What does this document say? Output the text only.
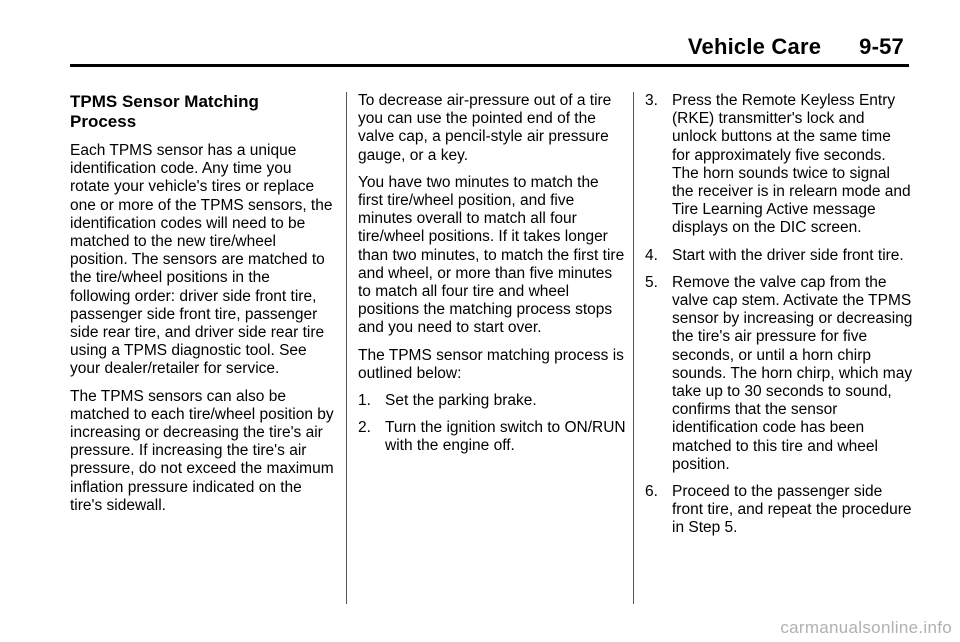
Vehicle Care 9-57
TPMS Sensor Matching
Process

Each TPMS sensor has a unique identification code. Any time you rotate your vehicle's tires or replace one or more of the TPMS sensors, the identification codes will need to be matched to the new tire/wheel position. The sensors are matched to the tire/wheel positions in the following order: driver side front tire, passenger side front tire, passenger side rear tire, and driver side rear tire using a TPMS diagnostic tool. See your dealer/retailer for service.

The TPMS sensors can also be matched to each tire/wheel position by increasing or decreasing the tire's air pressure. If increasing the tire's air pressure, do not exceed the maximum inflation pressure indicated on the tire's sidewall.

To decrease air-pressure out of a tire you can use the pointed end of the valve cap, a pencil-style air pressure gauge, or a key.

You have two minutes to match the first tire/wheel position, and five minutes overall to match all four tire/wheel positions. If it takes longer than two minutes, to match the first tire and wheel, or more than five minutes to match all four tire and wheel positions the matching process stops and you need to start over.

The TPMS sensor matching process is outlined below:

1. Set the parking brake.

2. Turn the ignition switch to ON/RUN with the engine off.

3. Press the Remote Keyless Entry (RKE) transmitter's lock and unlock buttons at the same time for approximately five seconds. The horn sounds twice to signal the receiver is in relearn mode and Tire Learning Active message displays on the DIC screen.

4. Start with the driver side front tire.

5. Remove the valve cap from the valve cap stem. Activate the TPMS sensor by increasing or decreasing the tire's air pressure for five seconds, or until a horn chirp sounds. The horn chirp, which may take up to 30 seconds to sound, confirms that the sensor identification code has been matched to this tire and wheel position.

6. Proceed to the passenger side front tire, and repeat the procedure in Step 5.

carmanualsonline.info
